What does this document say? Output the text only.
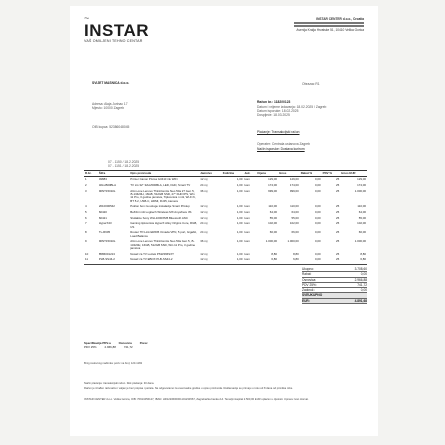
~
INSTAR
VAŠ OMILJENI TEHNO CENTAR
INSTAR CENTER d.o.o., Croatia
Avenija Kralja Hrvatske 51, 10410 Velika Gorica
SVIJET MASNICA d.o.o.
Adresa: Alaja Jurinac 17
Mjesto: 10000 Zagreb
OIB kupca: 52386048045
Obrazac R1
Račun br.: 1182/0/123
Datum i vrijeme izdavanja: 18.02.2025 / Zagreb
Datum isporuke: 18.02.2025
Dospijeće: 18.03.2025
Plaćanje: Transakcijski račun
Operater: Centrala ustanova Zagreb
Način isporuke: Dostava kurirom
07 - 1150 / 18.2.2025
07 - 1151 / 18.2.2025
R.br.	Šifra	Opis proizvoda	Jamstvo	Količina	Jed.	Cijena	Iznos	Rabat %	PDV %	Iznos EUR
1	49883	Printer Canon Pixma G3410 ink WiFi	12 mj	1,00	kom	129,00	129,00	0,00	25	129,00
2	32LH500BLA	TV LG 32" 32LH500BLA, LED, FHD, Smart TV	24 mj	1,00	kom	174,00	174,00	0,00	25	174,00
3	90NT15010L	All-in-one Lenovo ThinkCentre Neo 50a 27 Gen 5, i5-13420H, 16GB, 512GB SSD, 27" FHD IPS, Win 11 Pro, 3 godine jamstva, Tipkovnica i miš, Wi-Fi 6, BT 5.2, USB-C, HDMI, RJ45, kamera	36 mj	1,00	kom	999,00	999,00	0,00	25	1.000,00
4	2010000542	Poklon bon za usluge instalacije Smart Pristup	12 mj	1,00	kom	110,00	110,00	0,00	25	110,00
5	60420	Bežični miš Logitech Wireless MX Anywhere 3S	12 mj	1,00	kom	64,00	64,00	0,00	25	64,00
6	60421	Slušalice Sony WH-1000XM5 Bluetooth ANC	12 mj	1,00	kom	55,00	55,00	0,00	25	55,00
7	HyperX23	Gaming tipkovnica HyperX Alloy Origins Core, RGB, US	24 mj	1,00	kom	102,00	102,00	0,00	25	102,00
8	TL-R605	Router TP-Link ER605 Omada VPN, 5 port, Gigabit, Load Balance	24 mj	1,00	kom	66,00	66,00	0,00	25	66,00
9	90NT15010L	All-in-one Lenovo ThinkCentre Neo 50a Gen 5, i5-13420H, 16GB, 512GB SSD, Win 11 Pro, 3 godine jamstva	36 mj	1,00	kom	1.000,00	1.000,00	0,00	25	1.000,00
10	8586001213	Nosač za TV Loctek PSW466SXT	12 mj	1,00	kom	8,80	8,80	0,00	25	8,80
11	PLB-SS44-2	Nosač za TV EBOX PLB-SS44-2	12 mj	1,00	kom	6,80	6,80	0,00	25	6,80
Ukupno:	3.708,60
Rabat:	0,00
Osnovica:	2.966,88
PDV 25%:	741,72
Zaokruž.:	0,00
SVEUKUPNO
EUR:	4.891,68
Specifikacija PDV-a	Osnovica	Porez
PDV 25%	2.966,88	741,72
Broj poslovnog nadimka: poziv na broj: 123-1182
Način plaćanja: transakcijski račun. Rok plaćanja: 30 dana.
Račun je izrađen računalno i valjan je bez potpisa i pečata. Ne odgovaramo za eventualne greške u opisu proizvoda. Reklamacije se primaju u roku od 8 dana od primitka robe.
INSTAR CENTER d.o.o. Velika Gorica, OIB: 70913456127, IBAN: HR1223600001101234567, Zagrebačka banka d.d. Temeljni kapital 2.500,00 EUR uplaćen u cijelosti. Uprava: Ivan Horvat.
